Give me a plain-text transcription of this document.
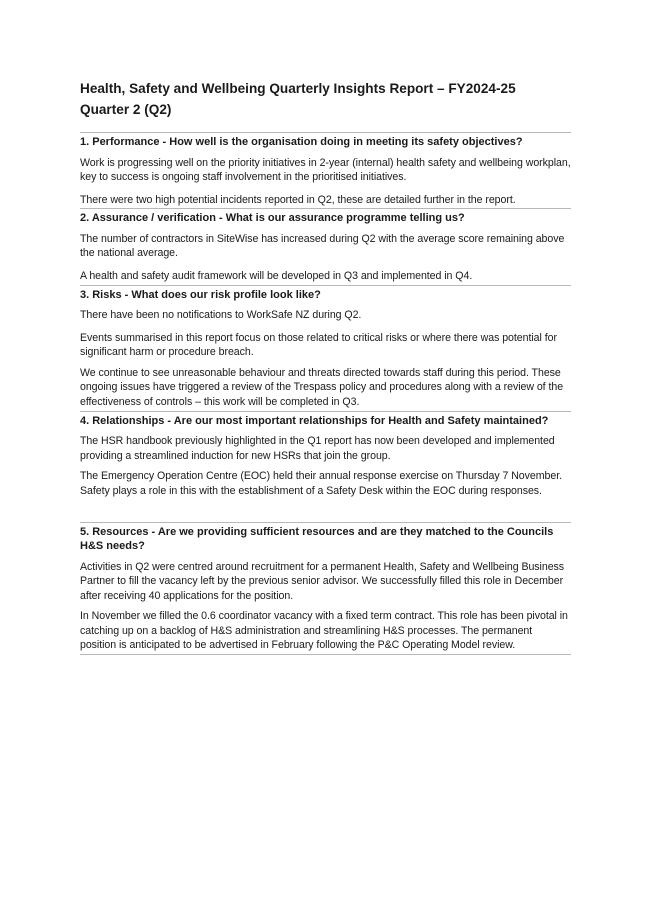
Health, Safety and Wellbeing Quarterly Insights Report – FY2024-25
Quarter 2 (Q2)
1. Performance - How well is the organisation doing in meeting its safety objectives?

Work is progressing well on the priority initiatives in 2-year (internal) health safety and wellbeing workplan, key to success is ongoing staff involvement in the prioritised initiatives.

There were two high potential incidents reported in Q2, these are detailed further in the report.

2. Assurance / verification - What is our assurance programme telling us?

The number of contractors in SiteWise has increased during Q2 with the average score remaining above the national average.

A health and safety audit framework will be developed in Q3 and implemented in Q4.

3. Risks - What does our risk profile look like?

There have been no notifications to WorkSafe NZ during Q2.

Events summarised in this report focus on those related to critical risks or where there was potential for significant harm or procedure breach.

We continue to see unreasonable behaviour and threats directed towards staff during this period. These ongoing issues have triggered a review of the Trespass policy and procedures along with a review of the effectiveness of controls – this work will be completed in Q3.

4. Relationships - Are our most important relationships for Health and Safety maintained?

The HSR handbook previously highlighted in the Q1 report has now been developed and implemented providing a streamlined induction for new HSRs that join the group.

The Emergency Operation Centre (EOC) held their annual response exercise on Thursday 7 November. Safety plays a role in this with the establishment of a Safety Desk within the EOC during responses.

5. Resources - Are we providing sufficient resources and are they matched to the Councils H&S needs?

Activities in Q2 were centred around recruitment for a permanent Health, Safety and Wellbeing Business Partner to fill the vacancy left by the previous senior advisor. We successfully filled this role in December after receiving 40 applications for the position.

In November we filled the 0.6 coordinator vacancy with a fixed term contract. This role has been pivotal in catching up on a backlog of H&S administration and streamlining H&S processes. The permanent position is anticipated to be advertised in February following the P&C Operating Model review.
